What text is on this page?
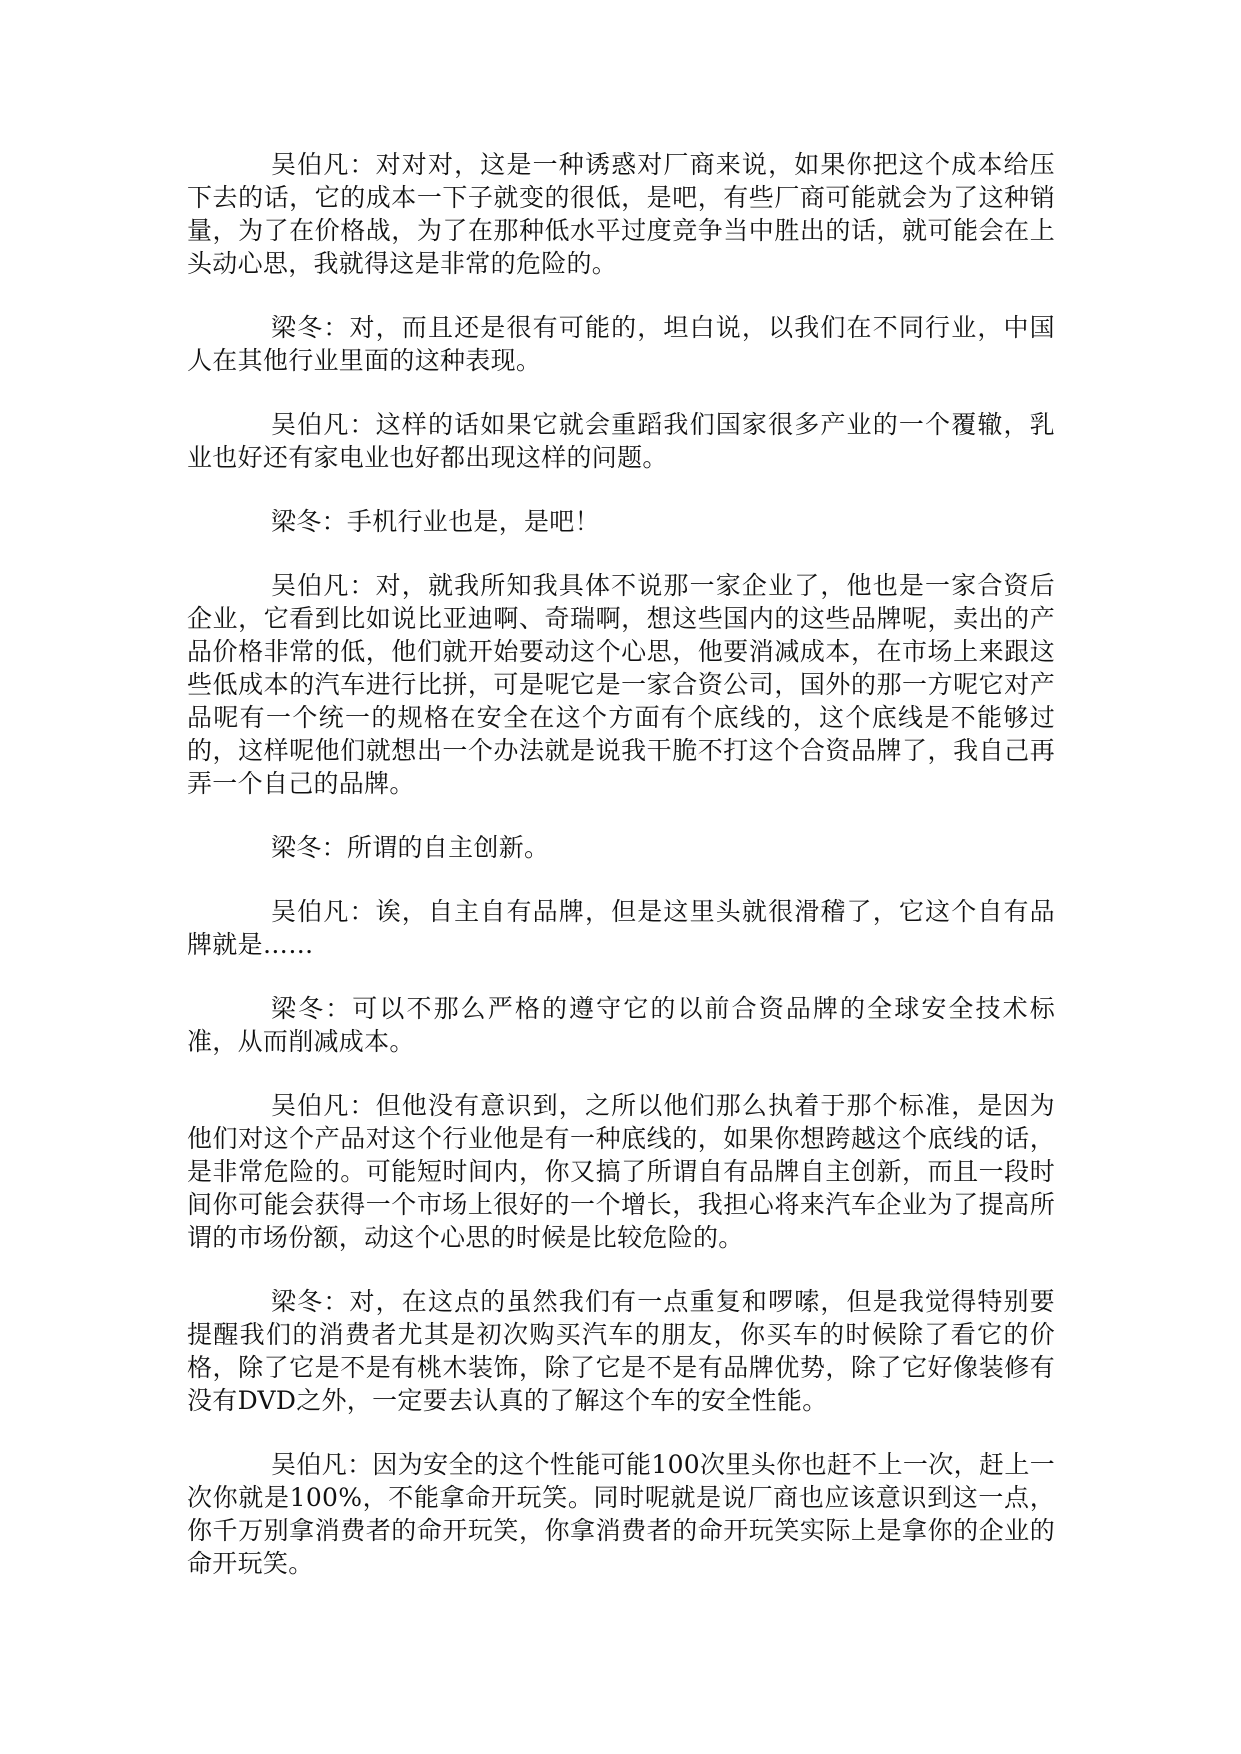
吴伯凡：对对对，这是一种诱惑对厂商来说，如果你把这个成本给压下去的话，它的成本一下子就变的很低，是吧，有些厂商可能就会为了这种销量，为了在价格战，为了在那种低水平过度竞争当中胜出的话，就可能会在上头动心思，我就得这是非常的危险的。

梁冬：对，而且还是很有可能的，坦白说，以我们在不同行业，中国人在其他行业里面的这种表现。

吴伯凡：这样的话如果它就会重蹈我们国家很多产业的一个覆辙，乳业也好还有家电业也好都出现这样的问题。

梁冬：手机行业也是，是吧！

吴伯凡：对，就我所知我具体不说那一家企业了，他也是一家合资后企业，它看到比如说比亚迪啊、奇瑞啊，想这些国内的这些品牌呢，卖出的产品价格非常的低，他们就开始要动这个心思，他要消减成本，在市场上来跟这些低成本的汽车进行比拼，可是呢它是一家合资公司，国外的那一方呢它对产品呢有一个统一的规格在安全在这个方面有个底线的，这个底线是不能够过的，这样呢他们就想出一个办法就是说我干脆不打这个合资品牌了，我自己再弄一个自己的品牌。

梁冬：所谓的自主创新。

吴伯凡：诶，自主自有品牌，但是这里头就很滑稽了，它这个自有品牌就是……

梁冬：可以不那么严格的遵守它的以前合资品牌的全球安全技术标准，从而削减成本。

吴伯凡：但他没有意识到，之所以他们那么执着于那个标准，是因为他们对这个产品对这个行业他是有一种底线的，如果你想跨越这个底线的话，是非常危险的。可能短时间内，你又搞了所谓自有品牌自主创新，而且一段时间你可能会获得一个市场上很好的一个增长，我担心将来汽车企业为了提高所谓的市场份额，动这个心思的时候是比较危险的。

梁冬：对，在这点的虽然我们有一点重复和啰嗦，但是我觉得特别要提醒我们的消费者尤其是初次购买汽车的朋友，你买车的时候除了看它的价格，除了它是不是有桃木装饰，除了它是不是有品牌优势，除了它好像装修有没有DVD之外，一定要去认真的了解这个车的安全性能。

吴伯凡：因为安全的这个性能可能100次里头你也赶不上一次，赶上一次你就是100%，不能拿命开玩笑。同时呢就是说厂商也应该意识到这一点，你千万别拿消费者的命开玩笑，你拿消费者的命开玩笑实际上是拿你的企业的命开玩笑。
